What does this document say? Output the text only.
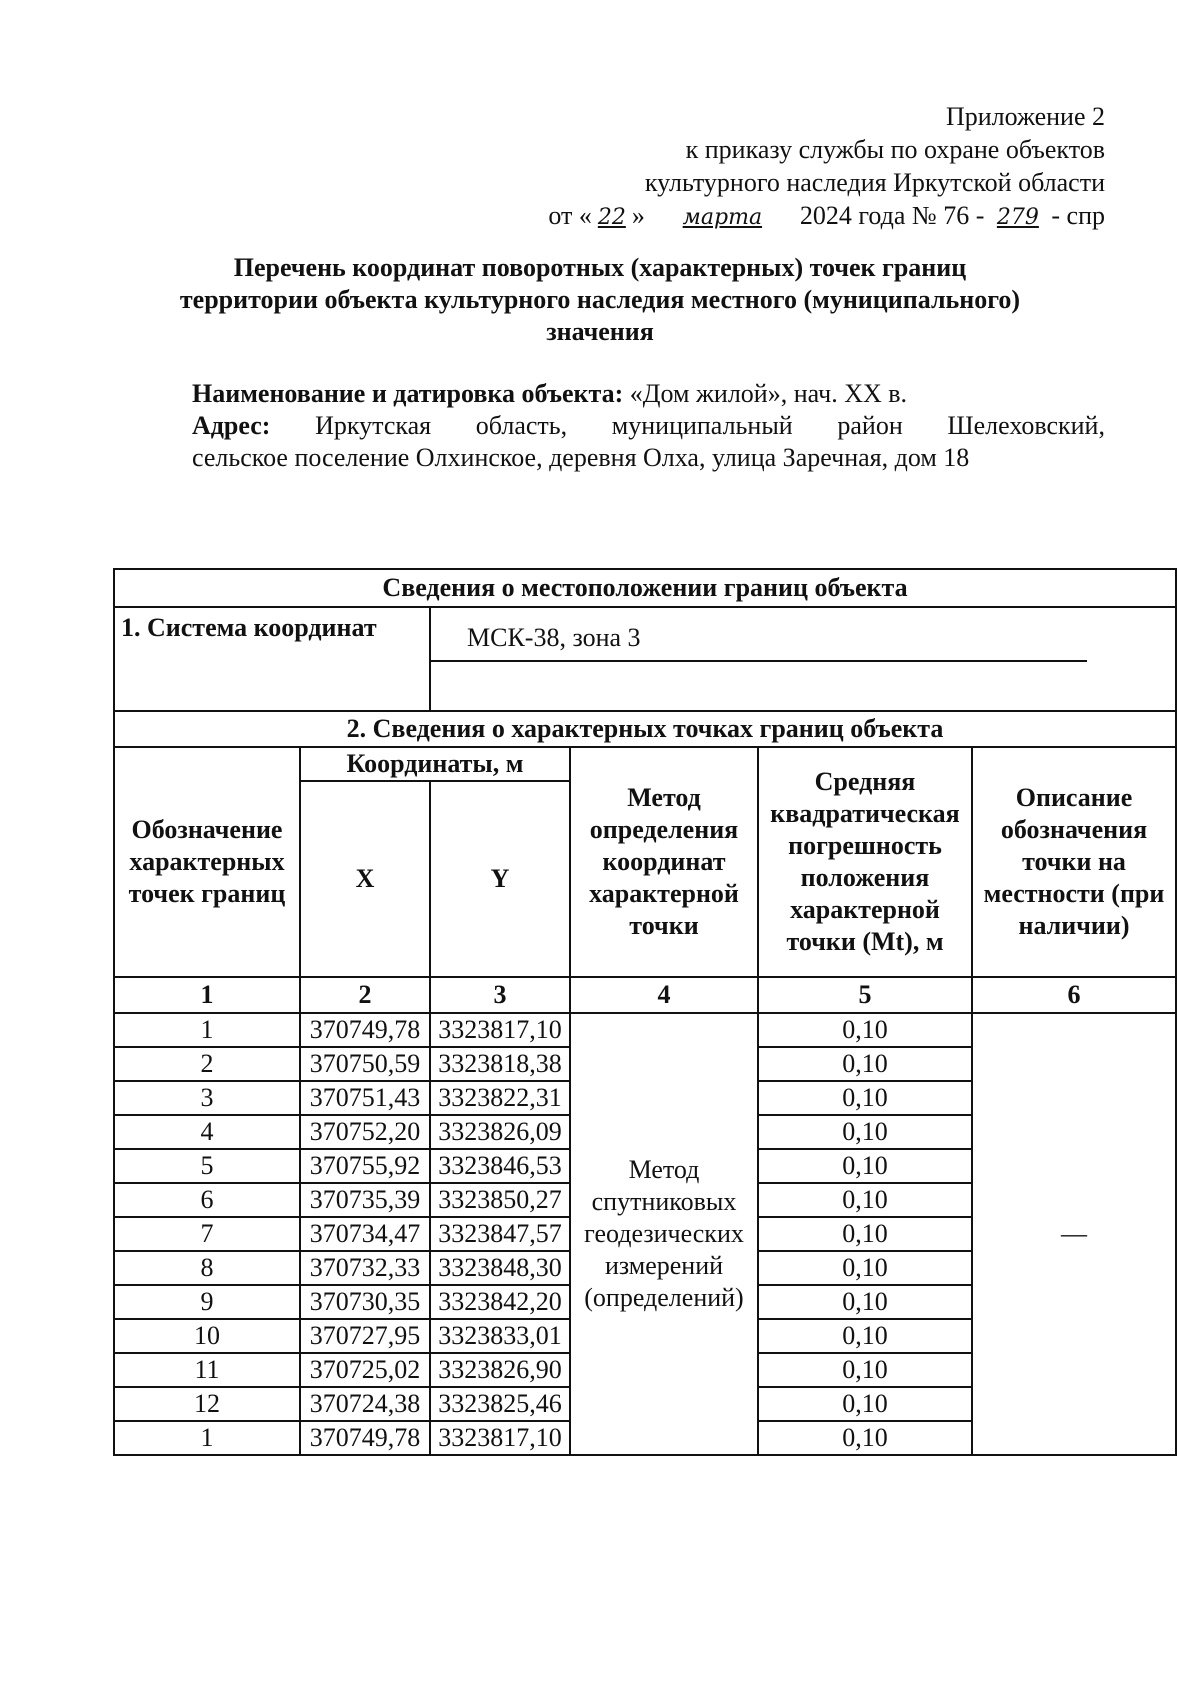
Приложение 2
к приказу службы по охране объектов
культурного наследия Иркутской области
от « 22 » марта 2024 года № 76 - 279 - спр
Перечень координат поворотных (характерных) точек границ
территории объекта культурного наследия местного (муниципального)
значения
Наименование и датировка объекта: «Дом жилой», нач. XX в.
Адрес: Иркутская область, муниципальный район Шелеховский,
сельское поселение Олхинское, деревня Олха, улица Заречная, дом 18
Сведения о местоположении границ объекта					
1. Система координат		МСК-38, зона 3			

2. Сведения о характерных точках границ объекта					
Обозначение характерных точек границ	Координаты, м		Метод определения координат характерной точки	Средняя квадратическая погрешность положения характерной точки (Mt), м	Описание обозначения точки на местности (при наличии)
	X	Y			
1	2	3	4	5	6
1	370749,78	3323817,10	Метод спутниковых геодезических измерений (определений)	0,10	—
2	370750,59	3323818,38		0,10	
3	370751,43	3323822,31		0,10	
4	370752,20	3323826,09		0,10	
5	370755,92	3323846,53		0,10	
6	370735,39	3323850,27		0,10	
7	370734,47	3323847,57		0,10	
8	370732,33	3323848,30		0,10	
9	370730,35	3323842,20		0,10	
10	370727,95	3323833,01		0,10	
11	370725,02	3323826,90		0,10	
12	370724,38	3323825,46		0,10	
1	370749,78	3323817,10		0,10	
